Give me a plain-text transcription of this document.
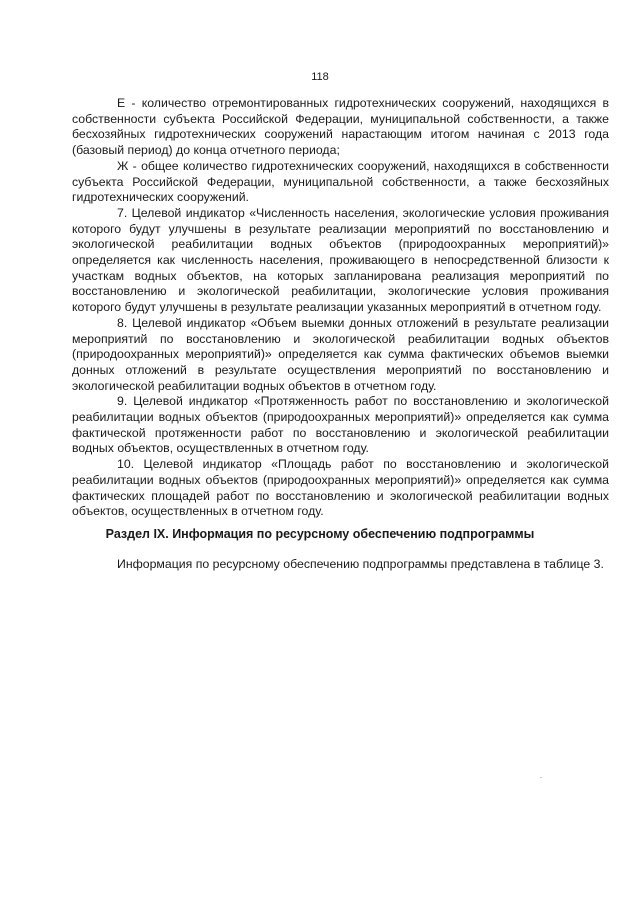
118

Е - количество отремонтированных гидротехнических сооружений, находящихся в собственности субъекта Российской Федерации, муниципальной собственности, а также бесхозяйных гидротехнических сооружений нарастающим итогом начиная с 2013 года (базовый период) до конца отчетного периода;

Ж - общее количество гидротехнических сооружений, находящихся в собственности субъекта Российской Федерации, муниципальной собственности, а также бесхозяйных гидротехнических сооружений.

7. Целевой индикатор «Численность населения, экологические условия проживания которого будут улучшены в результате реализации мероприятий по восстановлению и экологической реабилитации водных объектов (природоохранных мероприятий)» определяется как численность населения, проживающего в непосредственной близости к участкам водных объектов, на которых запланирована реализация мероприятий по восстановлению и экологической реабилитации, экологические условия проживания которого будут улучшены в результате реализации указанных мероприятий в отчетном году.

8. Целевой индикатор «Объем выемки донных отложений в результате реализации мероприятий по восстановлению и экологической реабилитации водных объектов (природоохранных мероприятий)» определяется как сумма фактических объемов выемки донных отложений в результате осуществления мероприятий по восстановлению и экологической реабилитации водных объектов в отчетном году.

9. Целевой индикатор «Протяженность работ по восстановлению и экологической реабилитации водных объектов (природоохранных мероприятий)» определяется как сумма фактической протяженности работ по восстановлению и экологической реабилитации водных объектов, осуществленных в отчетном году.

10. Целевой индикатор «Площадь работ по восстановлению и экологической реабилитации водных объектов (природоохранных мероприятий)» определяется как сумма фактических площадей работ по восстановлению и экологической реабилитации водных объектов, осуществленных в отчетном году.

Раздел IX. Информация по ресурсному обеспечению подпрограммы

Информация по ресурсному обеспечению подпрограммы представлена в таблице 3.
